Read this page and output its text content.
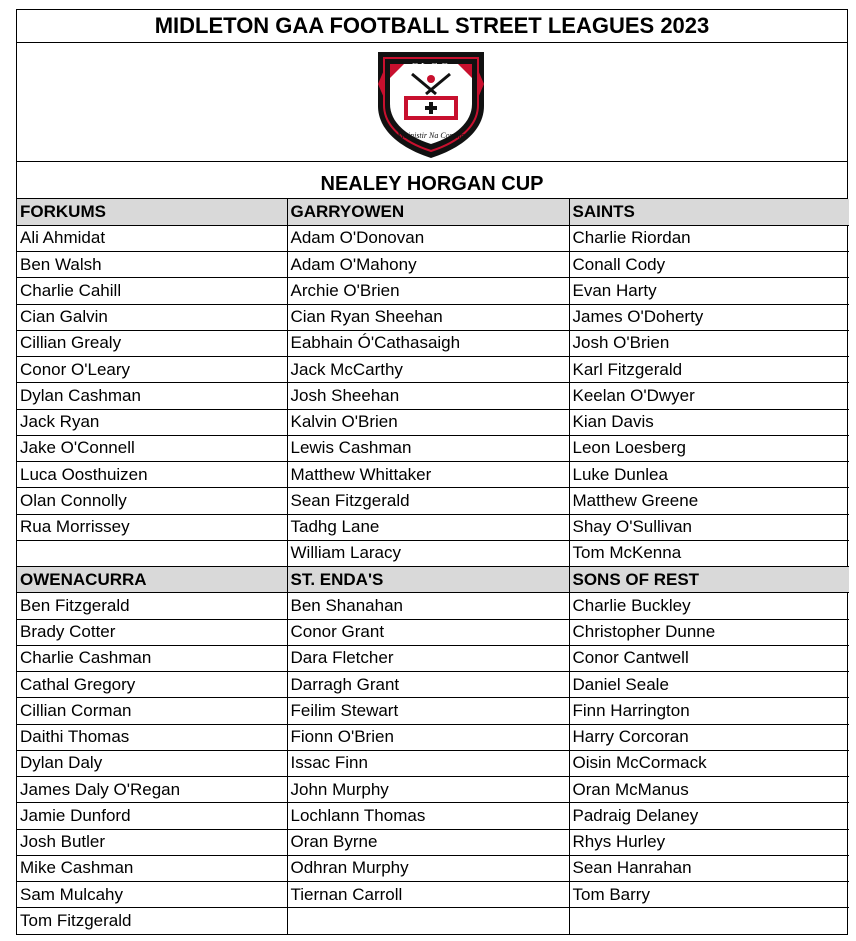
MIDLETON GAA FOOTBALL STREET LEAGUES 2023
C.L.C.G.
Mainistir Na Corann
NEALEY HORGAN CUP
FORKUMS	GARRYOWEN	SAINTS
Ali Ahmidat	Adam O'Donovan	Charlie Riordan
Ben Walsh	Adam O'Mahony	Conall Cody
Charlie Cahill	Archie O'Brien	Evan Harty
Cian Galvin	Cian Ryan Sheehan	James O'Doherty
Cillian Grealy	Eabhain Ó'Cathasaigh	Josh O'Brien
Conor O'Leary	Jack McCarthy	Karl Fitzgerald
Dylan Cashman	Josh Sheehan	Keelan O'Dwyer
Jack Ryan	Kalvin O'Brien	Kian Davis
Jake O'Connell	Lewis Cashman	Leon Loesberg
Luca Oosthuizen	Matthew Whittaker	Luke Dunlea
Olan Connolly	Sean Fitzgerald	Matthew Greene
Rua Morrissey	Tadhg Lane	Shay O'Sullivan
	William Laracy	Tom McKenna
OWENACURRA	ST. ENDA'S	SONS OF REST
Ben Fitzgerald	Ben Shanahan	Charlie Buckley
Brady Cotter	Conor Grant	Christopher Dunne
Charlie Cashman	Dara Fletcher	Conor Cantwell
Cathal Gregory	Darragh Grant	Daniel Seale
Cillian Corman	Feilim Stewart	Finn Harrington
Daithi Thomas	Fionn O'Brien	Harry Corcoran
Dylan Daly	Issac Finn	Oisin McCormack
James Daly O'Regan	John Murphy	Oran McManus
Jamie Dunford	Lochlann Thomas	Padraig Delaney
Josh Butler	Oran Byrne	Rhys Hurley
Mike Cashman	Odhran Murphy	Sean Hanrahan
Sam Mulcahy	Tiernan Carroll	Tom Barry
Tom Fitzgerald		
